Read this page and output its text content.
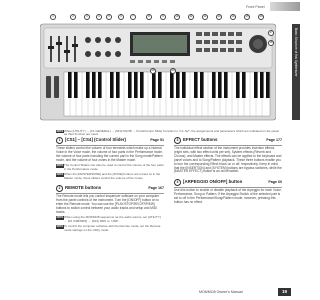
Front Panel
Basic Structure of this Synthesizer
1	2	3	4	5	6	7	8	9	10	11	12	13	14	15	16
17
18
19	20
NOTE When [UTILITY] → [F1 GENERAL] → [SF2] KNOB → Knob/Control Slider Function is “C1–S2”, the assignments and parameters which are indicated on the panel as their function are used.
1	[CS1] – [CS4] (Control Slider)	Page 51
These sliders control the volume of four elements which make up a Normal Voice in the Voice mode, the volume of four parts in the Performance mode, the volume of four parts including the current part in the Song mode/Pattern mode, and the volume of four zones in the Master mode.
NOTE The Control Sliders can also be used to control the volume of the four parts in the Performance mode.
NOTE When the [MASTER/ZONE] and the [ZONE] buttons are turned on in the Master mode, these sliders control the volume of the zones.
2	REMOTE buttons	Page 167
The Remote mode lets you control sequencer software on your computer from the panel controls of the instrument. Turn the [ON/OFF] button on to enter the Remote mode. You can use the [PLAY/STOP/REC/FF/REW] buttons to switch control between your audio tracks and setup and MIDI tracks.
NOTE When using the MO6/MO8 sequencer as the audio source, set [UTILITY] → [F6 USB/MIDI] → [SF2] MIDI to “USB”.
NOTE To control the computer software with the Remote mode, set the Remote mode settings on the Utility mode.
3	EFFECT buttons	Page 177
The individual effect section of the instrument provides Insertion effects (eight sets, with two effect units per set), System effects (Reverb and Chorus), and Master effects. The effects can be applied to the keyboard and panel voices and to Song/Pattern playback. These three buttons enable you to turn the corresponding Effect block on or off, respectively. Keep in mind that the [INSERTION] and [SYSTEM] buttons are bypass switches, while the [MASTER EFFECT] button is an on/off switch.
4	[ARPEGGIO ON/OFF] button	Page 60
Use this button to enable or disable playback of the Arpeggio for each Voice, Performance, Song or Pattern. If the Arpeggio Switch of the selected part is set to off in the Performance/Song/Pattern mode, however, pressing this button has no effect.
MO6/MO8 Owner’s Manual	19
